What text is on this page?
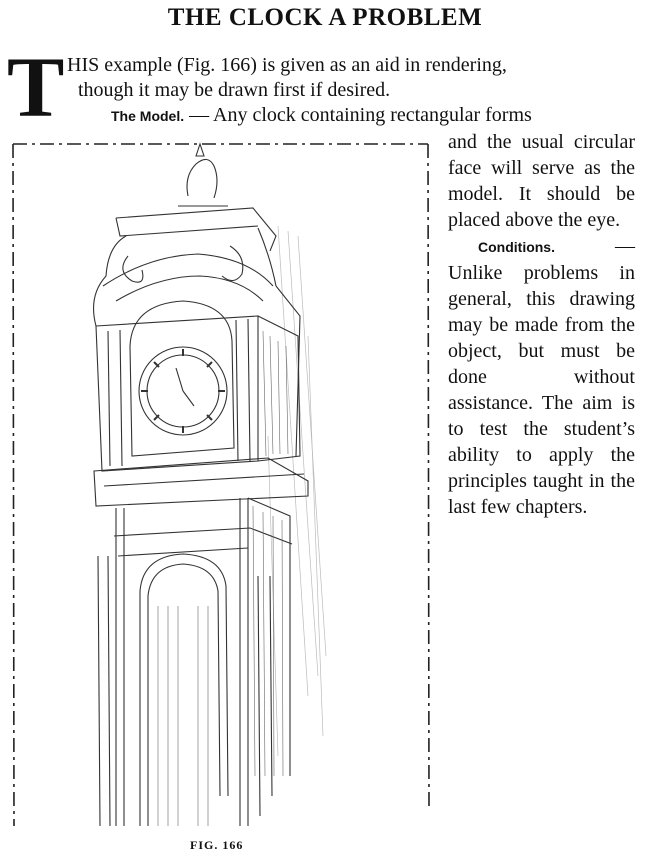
THE CLOCK A PROBLEM
T HIS example (Fig. 166) is given as an aid in rendering,
though it may be drawn first if desired.
The Model. — Any clock containing rectangular forms

and the usual circular face will serve as the model. It should be placed above the eye.

Conditions. — Unlike problems in general, this drawing may be made from the object, but must be done without assistance. The aim is to test the student’s ability to apply the principles taught in the last few chapters.

FIG. 166
